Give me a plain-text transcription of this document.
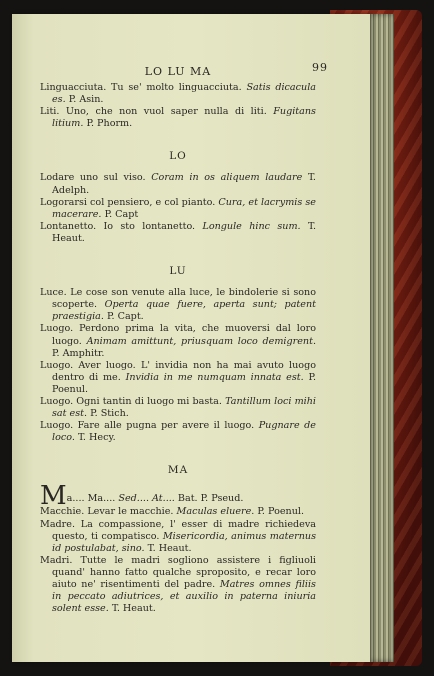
LO LU MA	99

Linguacciuta. Tu se' molto linguacciuta. Satis dicacula es. P. Asin.

Liti. Uno, che non vuol saper nulla di liti. Fugitans litium. P. Phorm.

LO

Lodare uno sul viso. Coram in os aliquem laudare T. Adelph.

Logorarsi col pensiero, e col pianto. Cura, et lacrymis se macerare. P. Capt

Lontanetto. Io sto lontanetto. Longule hinc sum. T. Heaut.

LU

Luce. Le cose son venute alla luce, le bindolerie si sono scoperte. Operta quae fuere, aperta sunt; patent praestigia. P. Capt.

Luogo. Perdono prima la vita, che muoversi dal loro luogo. Animam amittunt, priusquam loco demigrent. P. Amphitr.

Luogo. Aver luogo. L' invidia non ha mai avuto luogo dentro di me. Invidia in me numquam innata est. P. Poenul.

Luogo. Ogni tantin di luogo mi basta. Tantillum loci mihi sat est. P. Stich.

Luogo. Fare alle pugna per avere il luogo. Pugnare de loco. T. Hecy.

MA

Ma.... Ma.... Sed.... At.... Bat. P. Pseud.

Macchie. Levar le macchie. Maculas eluere. P. Poenul.

Madre. La compassione, l' esser di madre richiedeva questo, ti compatisco. Misericordia, animus maternus id postulabat, sino. T. Heaut.

Madri. Tutte le madri sogliono assistere i figliuoli quand' hanno fatto qualche sproposito, e recar loro aiuto ne' risentimenti del padre. Matres omnes filiis in peccato adiutrices, et auxilio in paterna iniuria solent esse. T. Heaut.
